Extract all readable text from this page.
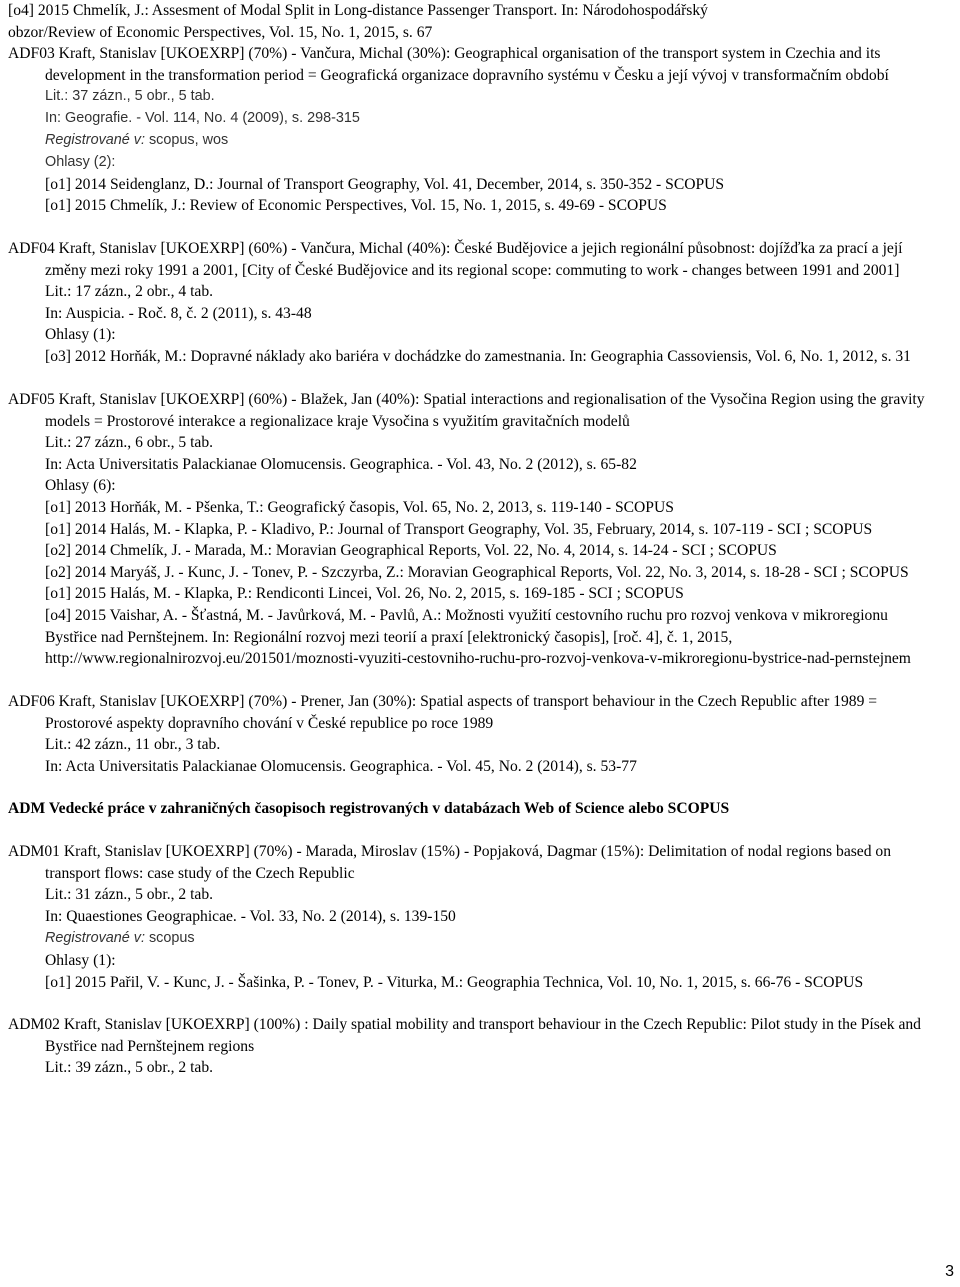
[o4] 2015 Chmelík, J.: Assesment of Modal Split in Long-distance Passenger Transport. In: Národohospodářský
obzor/Review of Economic Perspectives, Vol. 15, No. 1, 2015, s. 67
ADF03 Kraft, Stanislav [UKOEXRP] (70%) - Vančura, Michal (30%): Geographical organisation of the transport system in Czechia and its development in the transformation period = Geografická organizace dopravního systému v Česku a její vývoj v transformačním období
Lit.: 37 zázn., 5 obr., 5 tab.
In: Geografie. - Vol. 114, No. 4 (2009), s. 298-315
Registrované v: scopus, wos
Ohlasy (2):
[o1] 2014 Seidenglanz, D.: Journal of Transport Geography, Vol. 41, December, 2014, s. 350-352 - SCOPUS
[o1] 2015 Chmelík, J.: Review of Economic Perspectives, Vol. 15, No. 1, 2015, s. 49-69 - SCOPUS
ADF04 Kraft, Stanislav [UKOEXRP] (60%) - Vančura, Michal (40%): České Budějovice a jejich regionální působnost: dojížďka za prací a její změny mezi roky 1991 a 2001, [City of České Budějovice and its regional scope: commuting to work - changes between 1991 and 2001]
Lit.: 17 zázn., 2 obr., 4 tab.
In: Auspicia. - Roč. 8, č. 2 (2011), s. 43-48
Ohlasy (1):
[o3] 2012 Horňák, M.: Dopravné náklady ako bariéra v dochádzke do zamestnania. In: Geographia Cassoviensis, Vol. 6, No. 1, 2012, s. 31
ADF05 Kraft, Stanislav [UKOEXRP] (60%) - Blažek, Jan (40%): Spatial interactions and regionalisation of the Vysočina Region using the gravity models = Prostorové interakce a regionalizace kraje Vysočina s využitím gravitačních modelů
Lit.: 27 zázn., 6 obr., 5 tab.
In: Acta Universitatis Palackianae Olomucensis. Geographica. - Vol. 43, No. 2 (2012), s. 65-82
Ohlasy (6):
[o1] 2013 Horňák, M. - Pšenka, T.: Geografický časopis, Vol. 65, No. 2, 2013, s. 119-140 - SCOPUS
[o1] 2014 Halás, M. - Klapka, P. - Kladivo, P.: Journal of Transport Geography, Vol. 35, February, 2014, s. 107-119 - SCI ; SCOPUS
[o2] 2014 Chmelík, J. - Marada, M.: Moravian Geographical Reports, Vol. 22, No. 4, 2014, s. 14-24 - SCI ; SCOPUS
[o2] 2014 Maryáš, J. - Kunc, J. - Tonev, P. - Szczyrba, Z.: Moravian Geographical Reports, Vol. 22, No. 3, 2014, s. 18-28 - SCI ; SCOPUS
[o1] 2015 Halás, M. - Klapka, P.: Rendiconti Lincei, Vol. 26, No. 2, 2015, s. 169-185 - SCI ; SCOPUS
[o4] 2015 Vaishar, A. - Šťastná, M. - Javůrková, M. - Pavlů, A.: Možnosti využití cestovního ruchu pro rozvoj venkova v mikroregionu Bystřice nad Pernštejnem. In: Regionální rozvoj mezi teorií a praxí [elektronický časopis], [roč. 4], č. 1, 2015,
http://www.regionalnirozvoj.eu/201501/moznosti-vyuziti-cestovniho-ruchu-pro-rozvoj-venkova-v-mikroregionu-bystrice-nad-pernstejnem
ADF06 Kraft, Stanislav [UKOEXRP] (70%) - Prener, Jan (30%): Spatial aspects of transport behaviour in the Czech Republic after 1989 = Prostorové aspekty dopravního chování v České republice po roce 1989
Lit.: 42 zázn., 11 obr., 3 tab.
In: Acta Universitatis Palackianae Olomucensis. Geographica. - Vol. 45, No. 2 (2014), s. 53-77
ADM Vedecké práce v zahraničných časopisoch registrovaných v databázach Web of Science alebo SCOPUS
ADM01 Kraft, Stanislav [UKOEXRP] (70%) - Marada, Miroslav (15%) - Popjaková, Dagmar (15%): Delimitation of nodal regions based on transport flows: case study of the Czech Republic
Lit.: 31 zázn., 5 obr., 2 tab.
In: Quaestiones Geographicae. - Vol. 33, No. 2 (2014), s. 139-150
Registrované v: scopus
Ohlasy (1):
[o1] 2015 Pařil, V. - Kunc, J. - Šašinka, P. - Tonev, P. - Viturka, M.: Geographia Technica, Vol. 10, No. 1, 2015, s. 66-76 - SCOPUS
ADM02 Kraft, Stanislav [UKOEXRP] (100%) : Daily spatial mobility and transport behaviour in the Czech Republic: Pilot study in the Písek and Bystřice nad Pernštejnem regions
Lit.: 39 zázn., 5 obr., 2 tab.
3
